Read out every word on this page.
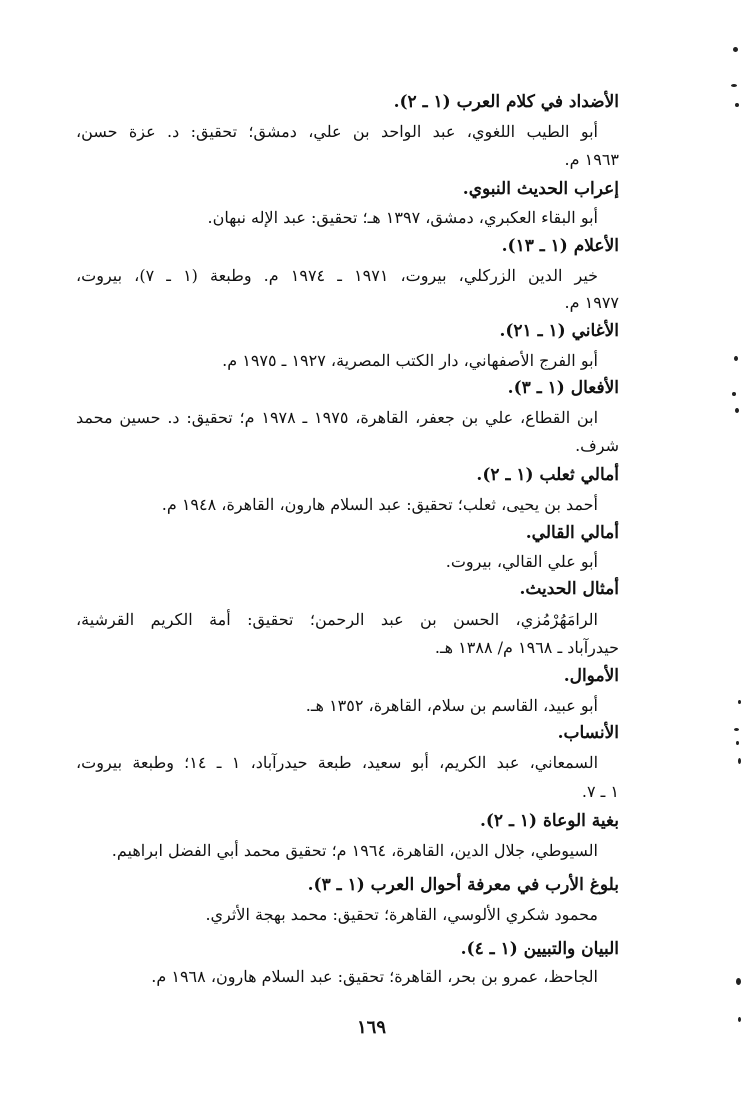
الأضداد في كلام العرب (١ ـ ٢).
أبو الطيب اللغوي، عبد الواحد بن علي، دمشق؛ تحقيق: د. عزة حسن،
١٩٦٣ م.
إعراب الحديث النبوي.
أبو البقاء العكبري، دمشق، ١٣٩٧ هـ؛ تحقيق: عبد الإله نبهان.
الأعلام (١ ـ ١٣).
خير الدين الزركلي، بيروت، ١٩٧١ ـ ١٩٧٤ م. وطبعة (١ ـ ٧)، بيروت،
١٩٧٧ م.
الأغاني (١ ـ ٢١).
أبو الفرج الأصفهاني، دار الكتب المصرية، ١٩٢٧ ـ ١٩٧٥ م.
الأفعال (١ ـ ٣).
ابن القطاع، علي بن جعفر، القاهرة، ١٩٧٥ ـ ١٩٧٨ م؛ تحقيق: د. حسين محمد
شرف.
أمالي ثعلب (١ ـ ٢).
أحمد بن يحيى، ثعلب؛ تحقيق: عبد السلام هارون، القاهرة، ١٩٤٨ م.
أمالي القالي.
أبو علي القالي، بيروت.
أمثال الحديث.
الرامَهُرْمُزي، الحسن بن عبد الرحمن؛ تحقيق: أمة الكريم القرشية،
حيدرآباد ـ ١٩٦٨ م/ ١٣٨٨ هـ.
الأموال.
أبو عبيد، القاسم بن سلام، القاهرة، ١٣٥٢ هـ.
الأنساب.
السمعاني، عبد الكريم، أبو سعيد، طبعة حيدرآباد، ١ ـ ١٤؛ وطبعة بيروت،
١ ـ ٧.
بغية الوعاة (١ ـ ٢).
السيوطي، جلال الدين، القاهرة، ١٩٦٤ م؛ تحقيق محمد أبي الفضل ابراهيم.
بلوغ الأرب في معرفة أحوال العرب (١ ـ ٣).
محمود شكري الألوسي، القاهرة؛ تحقيق: محمد بهجة الأثري.
البيان والتبيين (١ ـ ٤).
الجاحظ، عمرو بن بحر، القاهرة؛ تحقيق: عبد السلام هارون، ١٩٦٨ م.
١٦٩
